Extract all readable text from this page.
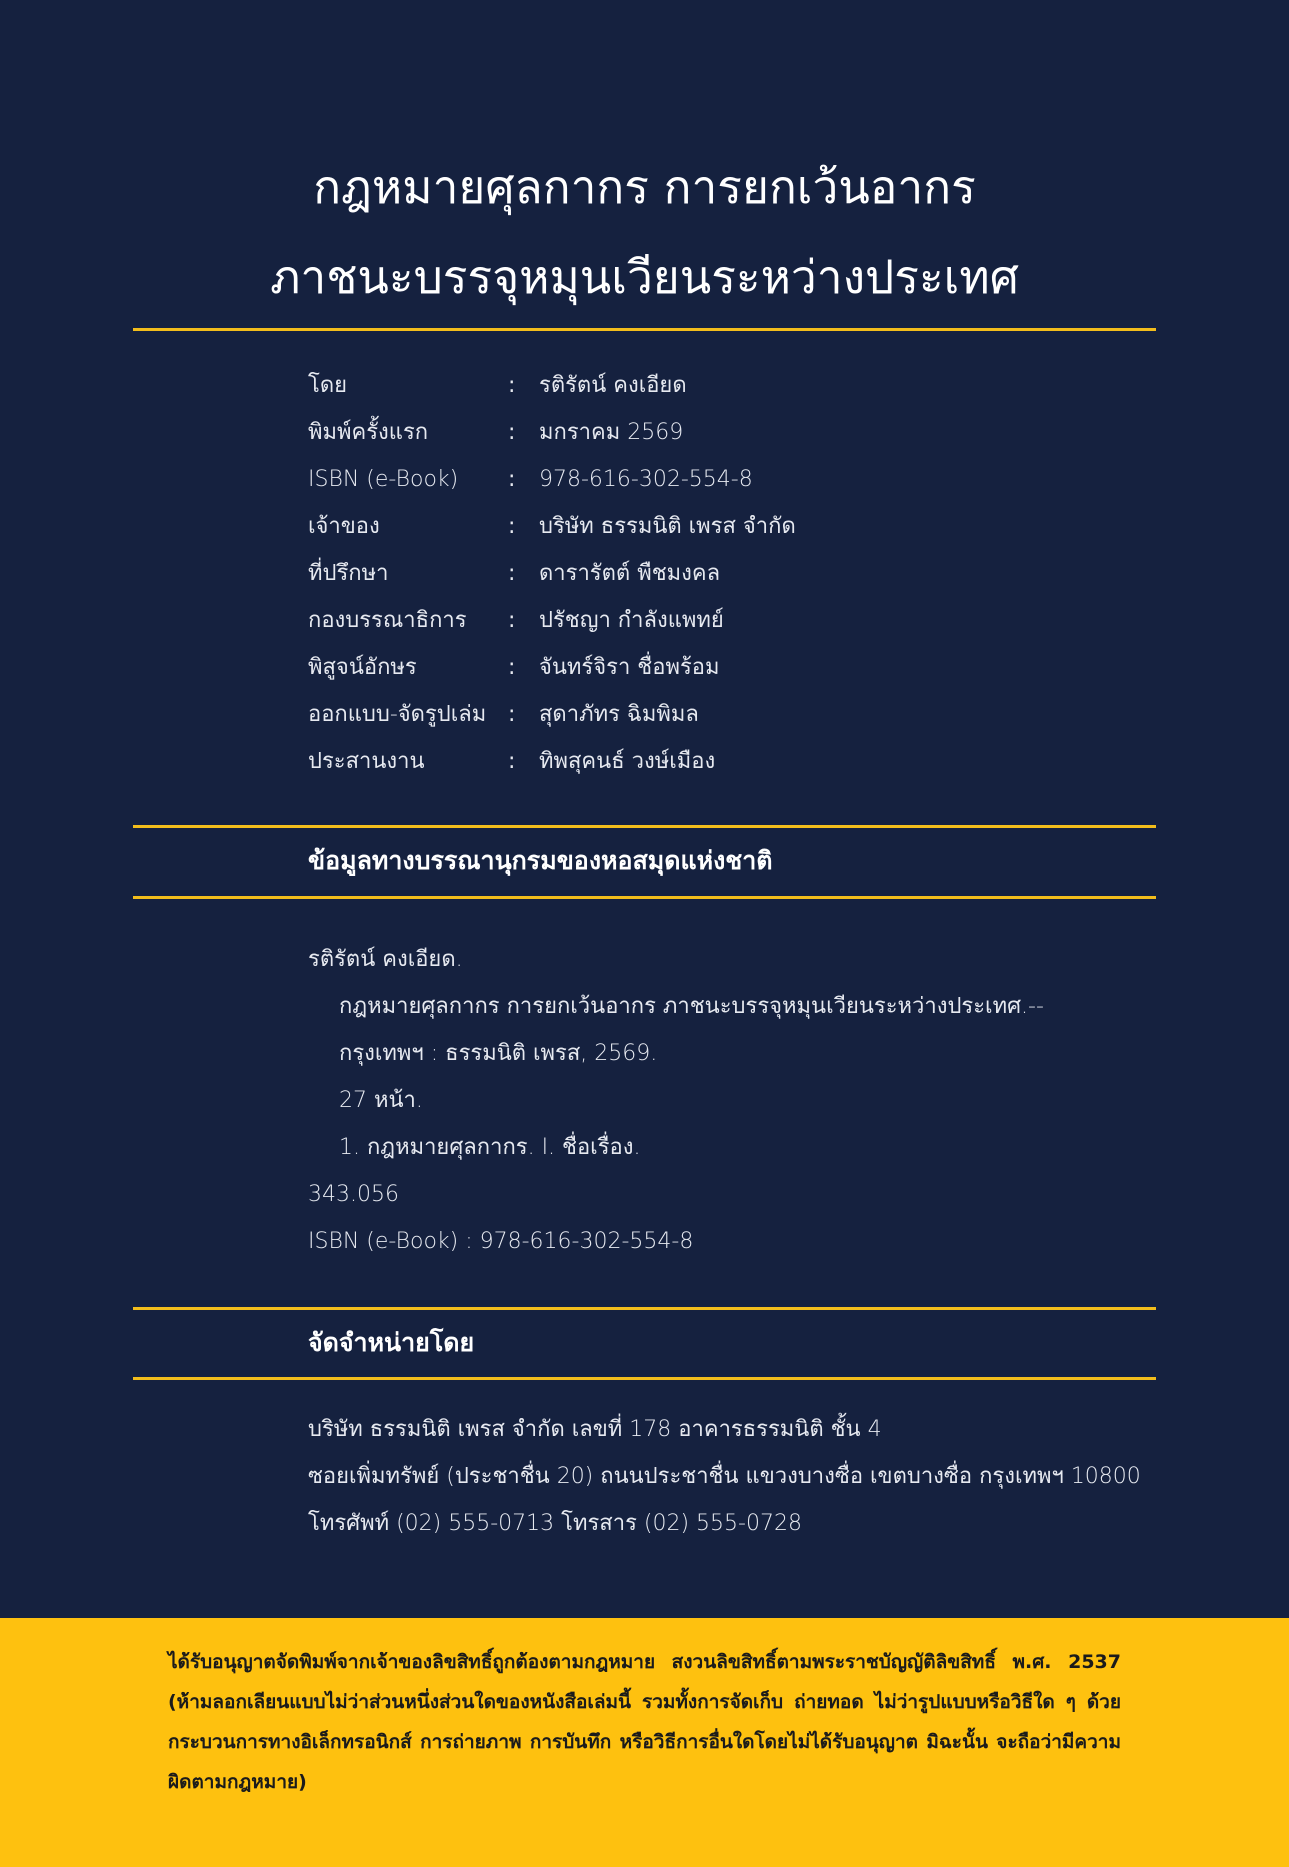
กฎหมายศุลกากร การยกเว้นอากร
ภาชนะบรรจุหมุนเวียนระหว่างประเทศ
โดย	:	รติรัตน์ คงเอียด
พิมพ์ครั้งแรก	:	มกราคม 2569
ISBN (e-Book)	:	978-616-302-554-8
เจ้าของ	:	บริษัท ธรรมนิติ เพรส จำกัด
ที่ปรึกษา	:	ดารารัตต์ พืชมงคล
กองบรรณาธิการ	:	ปรัชญา กำลังแพทย์
พิสูจน์อักษร	:	จันทร์จิรา ชื่อพร้อม
ออกแบบ-จัดรูปเล่ม :	สุดาภัทร ฉิมพิมล
ประสานงาน	:	ทิพสุคนธ์ วงษ์เมือง
ข้อมูลทางบรรณานุกรมของหอสมุดแห่งชาติ
รติรัตน์ คงเอียด.
กฎหมายศุลกากร การยกเว้นอากร ภาชนะบรรจุหมุนเวียนระหว่างประเทศ.--
กรุงเทพฯ : ธรรมนิติ เพรส, 2569.
27 หน้า.
1. กฎหมายศุลกากร. I. ชื่อเรื่อง.
343.056
ISBN (e-Book) : 978-616-302-554-8
จัดจำหน่ายโดย
บริษัท ธรรมนิติ เพรส จำกัด เลขที่ 178 อาคารธรรมนิติ ชั้น 4
ซอยเพิ่มทรัพย์ (ประชาชื่น 20) ถนนประชาชื่น แขวงบางซื่อ เขตบางซื่อ กรุงเทพฯ 10800
โทรศัพท์ (02) 555-0713 โทรสาร (02) 555-0728
ได้รับอนุญาตจัดพิมพ์จากเจ้าของลิขสิทธิ์ถูกต้องตามกฎหมาย สงวนลิขสิทธิ์ตามพระราชบัญญัติลิขสิทธิ์ พ.ศ. 2537 (ห้ามลอกเลียนแบบไม่ว่าส่วนหนึ่งส่วนใดของหนังสือเล่มนี้ รวมทั้งการจัดเก็บ ถ่ายทอด ไม่ว่ารูปแบบหรือวิธีใด ๆ ด้วยกระบวนการทางอิเล็กทรอนิกส์ การถ่ายภาพ การบันทึก หรือวิธีการอื่นใดโดยไม่ได้รับอนุญาต มิฉะนั้น จะถือว่ามีความผิดตามกฎหมาย)
